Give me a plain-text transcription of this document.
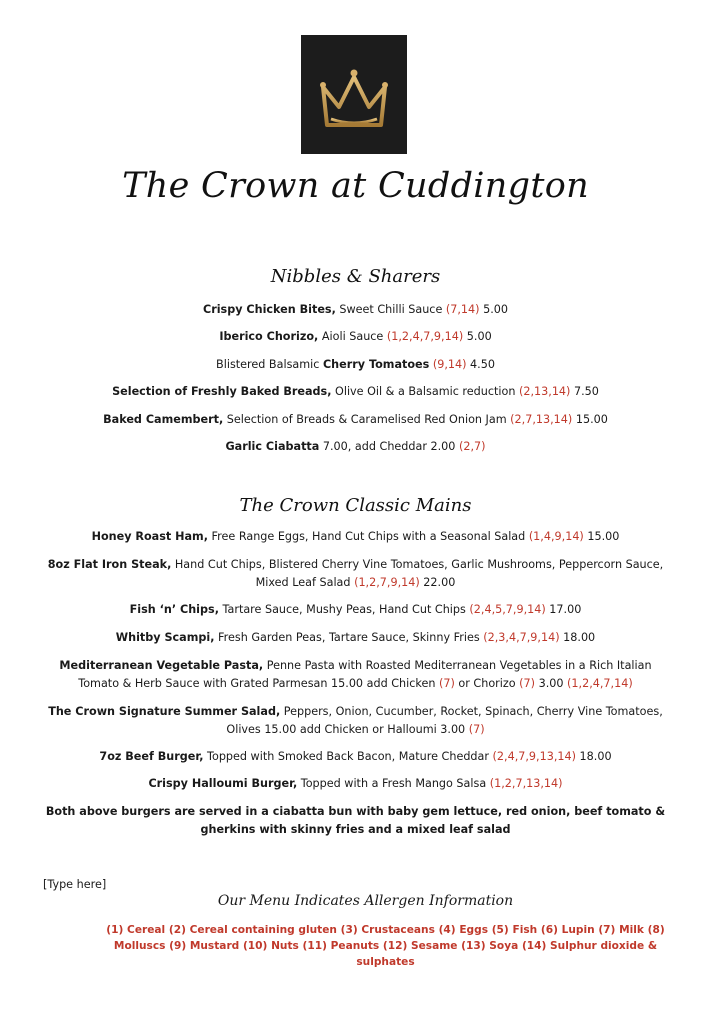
The Crown at Cuddington
Nibbles & Sharers
Crispy Chicken Bites, Sweet Chilli Sauce (7,14) 5.00
Iberico Chorizo, Aioli Sauce (1,2,4,7,9,14) 5.00
Blistered Balsamic Cherry Tomatoes (9,14) 4.50
Selection of Freshly Baked Breads, Olive Oil & a Balsamic reduction (2,13,14) 7.50
Baked Camembert, Selection of Breads & Caramelised Red Onion Jam (2,7,13,14) 15.00
Garlic Ciabatta 7.00, add Cheddar 2.00 (2,7)
The Crown Classic Mains
Honey Roast Ham, Free Range Eggs, Hand Cut Chips with a Seasonal Salad (1,4,9,14) 15.00
8oz Flat Iron Steak, Hand Cut Chips, Blistered Cherry Vine Tomatoes, Garlic Mushrooms, Peppercorn Sauce, Mixed Leaf Salad (1,2,7,9,14) 22.00
Fish ‘n’ Chips, Tartare Sauce, Mushy Peas, Hand Cut Chips (2,4,5,7,9,14) 17.00
Whitby Scampi, Fresh Garden Peas, Tartare Sauce, Skinny Fries (2,3,4,7,9,14) 18.00
Mediterranean Vegetable Pasta, Penne Pasta with Roasted Mediterranean Vegetables in a Rich Italian Tomato & Herb Sauce with Grated Parmesan 15.00 add Chicken (7) or Chorizo (7) 3.00 (1,2,4,7,14)
The Crown Signature Summer Salad, Peppers, Onion, Cucumber, Rocket, Spinach, Cherry Vine Tomatoes, Olives 15.00 add Chicken or Halloumi 3.00 (7)
7oz Beef Burger, Topped with Smoked Back Bacon, Mature Cheddar (2,4,7,9,13,14) 18.00
Crispy Halloumi Burger, Topped with a Fresh Mango Salsa (1,2,7,13,14)
Both above burgers are served in a ciabatta bun with baby gem lettuce, red onion, beef tomato & gherkins with skinny fries and a mixed leaf salad
[Type here]
Our Menu Indicates Allergen Information
(1) Cereal (2) Cereal containing gluten (3) Crustaceans (4) Eggs (5) Fish (6) Lupin (7) Milk (8) Molluscs (9) Mustard (10) Nuts (11) Peanuts (12) Sesame (13) Soya (14) Sulphur dioxide & sulphates
